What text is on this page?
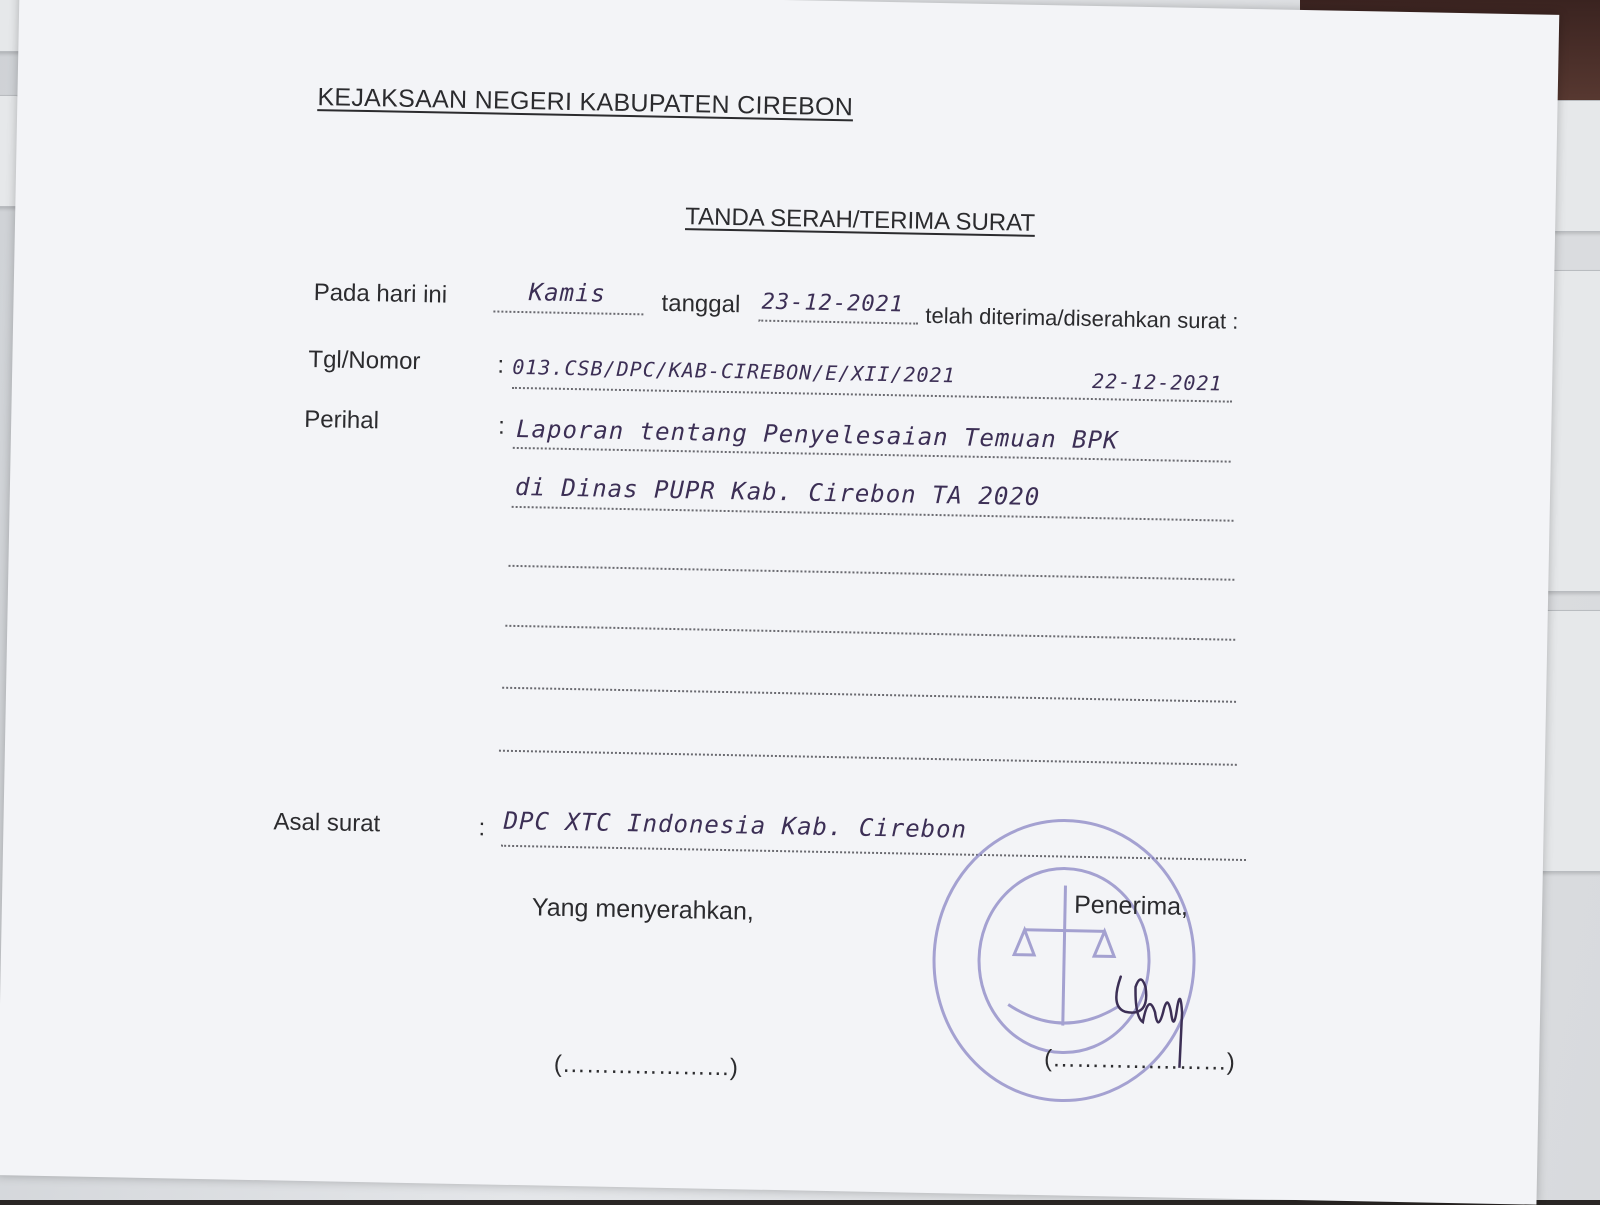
KEJAKSAAN NEGERI KABUPATEN CIREBON
TANDA SERAH/TERIMA SURAT
Pada hari ini	Kamis tanggal 23-12-2021 telah diterima/diserahkan surat :
Tgl/Nomor	: 013.CSB/DPC/KAB-CIREBON/E/XII/2021	22-12-2021
Perihal	: Laporan tentang Penyelesaian Temuan BPK
di Dinas PUPR Kab. Cirebon TA 2020
Asal surat	: DPC XTC Indonesia Kab. Cirebon
Yang menyerahkan,
(…………………)
Penerima,
(………….………)
